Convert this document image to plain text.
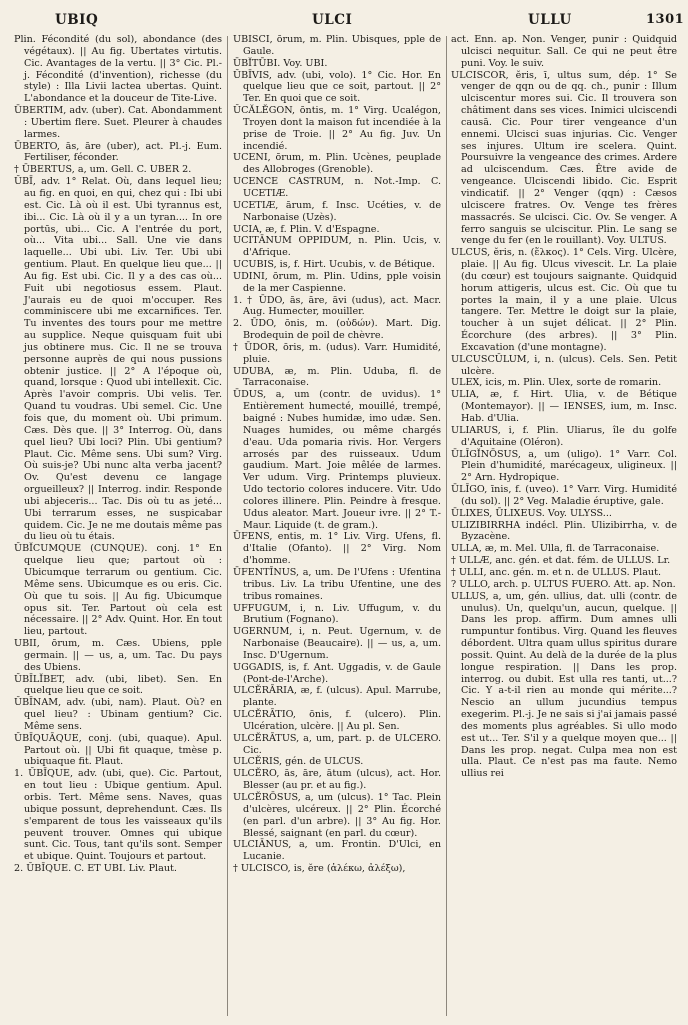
UBIQ	ULCI	ULLU	1301

Plin. Fécondité (du sol), abondance (des végétaux). || Au fig. Ubertates virtutis. Cic. Avantages de la vertu. || 3° Cic. Pl.-j. Fécondité (d'invention), richesse (du style) : Illa Livii lactea ubertas. Quint. L'abondance et la douceur de Tite-Live.

ŪBERTIM, adv. (uber). Cat. Abondamment : Ubertim flere. Suet. Pleurer à chaudes larmes.

ŪBERTO, ās, āre (uber), act. Pl.-j. Eum. Fertiliser, féconder.

† ŪBERTUS, a, um. Gell. C. UBER 2.

ŬBĪ, adv. 1° Relat. Où, dans lequel lieu; au fig. en quoi, en qui, chez qui : Ibi ubi est. Cic. Là où il est. Ubi tyrannus est, ibi... Cic. Là où il y a un tyran.... In ore portūs, ubi... Cic. A l'entrée du port, où... Vita ubi... Sall. Une vie dans laquelle... Ubi ubi. Liv. Ter. Ubi ubi gentium. Plaut. En quelque lieu que... || Au fig. Est ubi. Cic. Il y a des cas où... Fuit ubi negotiosus essem. Plaut. J'aurais eu de quoi m'occuper. Res comminiscere ubi me excarnifices. Ter. Tu inventes des tours pour me mettre au supplice. Neque quisquam fuit ubi jus obtinere mus. Cic. Il ne se trouva personne auprès de qui nous pussions obtenir justice. || 2° A l'époque où, quand, lorsque : Quod ubi intellexit. Cic. Après l'avoir compris. Ubi velis. Ter. Quand tu voudras. Ubi semel. Cic. Une fois que, du moment où. Ubi primum. Cæs. Dès que. || 3° Interrog. Où, dans quel lieu? Ubi loci? Plin. Ubi gentium? Plaut. Cic. Même sens. Ubi sum? Virg. Où suis-je? Ubi nunc alta verba jacent? Ov. Qu'est devenu ce langage orgueilleux? || Interrog. indir. Responde ubi abjeceris... Tac. Dis où tu as jeté... Ubi terrarum esses, ne suspicabar quidem. Cic. Je ne me doutais même pas du lieu où tu étais.

ŬBĬCUMQUE (CUNQUE). conj. 1° En quelque lieu que; partout où : Ubicumque terrarum ou gentium. Cic. Même sens. Ubicumque es ou eris. Cic. Où que tu sois. || Au fig. Ubicumque opus sit. Ter. Partout où cela est nécessaire. || 2° Adv. Quint. Hor. En tout lieu, partout.

UBII, ōrum, m. Cæs. Ubiens, pple germain. || — us, a, um. Tac. Du pays des Ubiens.

ŬBĪLĬBET, adv. (ubi, libet). Sen. En quelque lieu que ce soit.

ŬBĪNAM, adv. (ubi, nam). Plaut. Où? en quel lieu? : Ubinam gentium? Cic. Même sens.

ŬBĪQUĀQUE, conj. (ubi, quaque). Apul. Partout où. || Ubi fit quaque, tmèse p. ubiquaque fit. Plaut.

1. ŬBĪQUE, adv. (ubi, que). Cic. Partout, en tout lieu : Ubique gentium. Apul. orbis. Tert. Même sens. Naves, quas ubique possunt, deprehendunt. Cæs. Ils s'emparent de tous les vaisseaux qu'ils peuvent trouver. Omnes qui ubique sunt. Cic. Tous, tant qu'ils sont. Semper et ubique. Quint. Toujours et partout.

2. ŬBĪQUE. C. ET UBI. Liv. Plaut.

UBISCI, ōrum, m. Plin. Ubisques, pple de Gaule.

ŪBĬTŪBI. Voy. UBI.

ŬBĪVIS, adv. (ubi, volo). 1° Cic. Hor. En quelque lieu que ce soit, partout. || 2° Ter. En quoi que ce soit.

ŬCĂLĔGON, ōntis, m. 1° Virg. Ucalégon, Troyen dont la maison fut incendiée à la prise de Troie. || 2° Au fig. Juv. Un incendié.

UCENI, ōrum, m. Plin. Ucènes, peuplade des Allobroges (Grenoble).

UCENCE CASTRUM, n. Not.-Imp. C. UCETIÆ.

UCETIÆ, ārum, f. Insc. Ucéties, v. de Narbonaise (Uzès).

UCIA, æ, f. Plin. V. d'Espagne.

UCITĀNUM OPPIDUM, n. Plin. Ucis, v. d'Afrique.

UCUBIS, is, f. Hirt. Ucubis, v. de Bétique.

UDINI, ōrum, m. Plin. Udins, pple voisin de la mer Caspienne.

1. † ŪDO, ās, āre, āvi (udus), act. Macr. Aug. Humecter, mouiller.

2. ŪDO, ōnis, m. (οὐδών). Mart. Dig. Brodequin de poil de chèvre.

† ŪDOR, ōris, m. (udus). Varr. Humidité, pluie.

UDUBA, æ, m. Plin. Uduba, fl. de Tarraconaise.

ŪDUS, a, um (contr. de uvidus). 1° Entièrement humecté, mouillé, trempé, baigné : Nubes humidæ, imo udæ. Sen. Nuages humides, ou même chargés d'eau. Uda pomaria rivis. Hor. Vergers arrosés par des ruisseaux. Udum gaudium. Mart. Joie mêlée de larmes. Ver udum. Virg. Printemps pluvieux. Udo tectorio colores inducere. Vitr. Udo colores illinere. Plin. Peindre à fresque. Udus aleator. Mart. Joueur ivre. || 2° T.-Maur. Liquide (t. de gram.).

ŪFENS, entis, m. 1° Liv. Virg. Ufens, fl. d'Italie (Ofanto). || 2° Virg. Nom d'homme.

ŪFENTĪNUS, a, um. De l'Ufens : Ufentina tribus. Liv. La tribu Ufentine, une des tribus romaines.

UFFUGUM, i, n. Liv. Uffugum, v. du Brutium (Fognano).

UGERNUM, i, n. Peut. Ugernum, v. de Narbonaise (Beaucaire). || — us, a, um. Insc. D'Ugernum.

UGGADIS, is, f. Ant. Uggadis, v. de Gaule (Pont-de-l'Arche).

ULCĔRĀRIA, æ, f. (ulcus). Apul. Marrube, plante.

ULCĔRĀTIO, ōnis, f. (ulcero). Plin. Ulcération, ulcère. || Au pl. Sen.

ULCĔRĀTUS, a, um, part. p. de ULCERO. Cic.

ULCĔRIS, gén. de ULCUS.

ULCĔRO, ās, āre, ātum (ulcus), act. Hor. Blesser (au pr. et au fig.).

ULCĔRŌSUS, a, um (ulcus). 1° Tac. Plein d'ulcères, ulcéreux. || 2° Plin. Écorché (en parl. d'un arbre). || 3° Au fig. Hor. Blessé, saignant (en parl. du cœur).

ULCIĀNUS, a, um. Frontin. D'Ulci, en Lucanie.

† ULCISCO, is, ĕre (ἀλέκω, ἀλέξω),

act. Enn. ap. Non. Venger, punir : Quidquid ulcisci nequitur. Sall. Ce qui ne peut être puni. Voy. le suiv.

ULCISCOR, ĕris, ī, ultus sum, dép. 1° Se venger de qqn ou de qq. ch., punir : Illum ulciscentur mores sui. Cic. Il trouvera son châtiment dans ses vices. Inimici ulciscendi causā. Cic. Pour tirer vengeance d'un ennemi. Ulcisci suas injurias. Cic. Venger ses injures. Ultum ire scelera. Quint. Poursuivre la vengeance des crimes. Ardere ad ulciscendum. Cæs. Être avide de vengeance. Ulciscendi libido. Cic. Esprit vindicatif. || 2° Venger (qqn) : Cæsos ulciscere fratres. Ov. Venge tes frères massacrés. Se ulcisci. Cic. Ov. Se venger. A ferro sanguis se ulciscitur. Plin. Le sang se venge du fer (en le rouillant). Voy. ULTUS.

ULCUS, ĕris, n. (ἕλκος). 1° Cels. Virg. Ulcère, plaie. || Au fig. Ulcus vivescit. Lr. La plaie (du cœur) est toujours saignante. Quidquid horum attigeris, ulcus est. Cic. Où que tu portes la main, il y a une plaie. Ulcus tangere. Ter. Mettre le doigt sur la plaie, toucher à un sujet délicat. || 2° Plin. Écorchure (des arbres). || 3° Plin. Excavation (d'une montagne).

ULCUSCŬLUM, i, n. (ulcus). Cels. Sen. Petit ulcère.

ULEX, icis, m. Plin. Ulex, sorte de romarin.

ULIA, æ, f. Hirt. Ulia, v. de Bétique (Montemayor). || — IENSES, ium, m. Insc. Hab. d'Ulia.

ULIARUS, i, f. Plin. Uliarus, île du golfe d'Aquitaine (Oléron).

ŪLĪGĬNŌSUS, a, um (uligo). 1° Varr. Col. Plein d'humidité, marécageux, uligineux. || 2° Arn. Hydropique.

ŪLĪGO, īnis, f. (uveo). 1° Varr. Virg. Humidité (du sol). || 2° Veg. Maladie éruptive, gale.

ŪLIXES, ŪLIXEUS. Voy. ULYSS...

ULIZIBIRRHA indécl. Plin. Ulizibirrha, v. de Byzacène.

ULLA, æ, m. Mel. Ulla, fl. de Tarraconaise.

† ULLÆ, anc. gén. et dat. fém. de ULLUS. Lr.

† ULLI, anc. gén. m. et n. de ULLUS. Plaut.

? ULLO, arch. p. ULTUS FUERO. Att. ap. Non.

ULLUS, a, um, gén. ullius, dat. ulli (contr. de unulus). Un, quelqu'un, aucun, quelque. || Dans les prop. affirm. Dum amnes ulli rumpuntur fontibus. Virg. Quand les fleuves débordent. Ultra quam ullus spiritus durare possit. Quint. Au delà de la durée de la plus longue respiration. || Dans les prop. interrog. ou dubit. Est ulla res tanti, ut...? Cic. Y a-t-il rien au monde qui mérite...? Nescio an ullum jucundius tempus exegerim. Pl.-j. Je ne sais si j'ai jamais passé des moments plus agréables. Si ullo modo est ut... Ter. S'il y a quelque moyen que... || Dans les prop. negat. Culpa mea non est ulla. Plaut. Ce n'est pas ma faute. Nemo ullius rei
